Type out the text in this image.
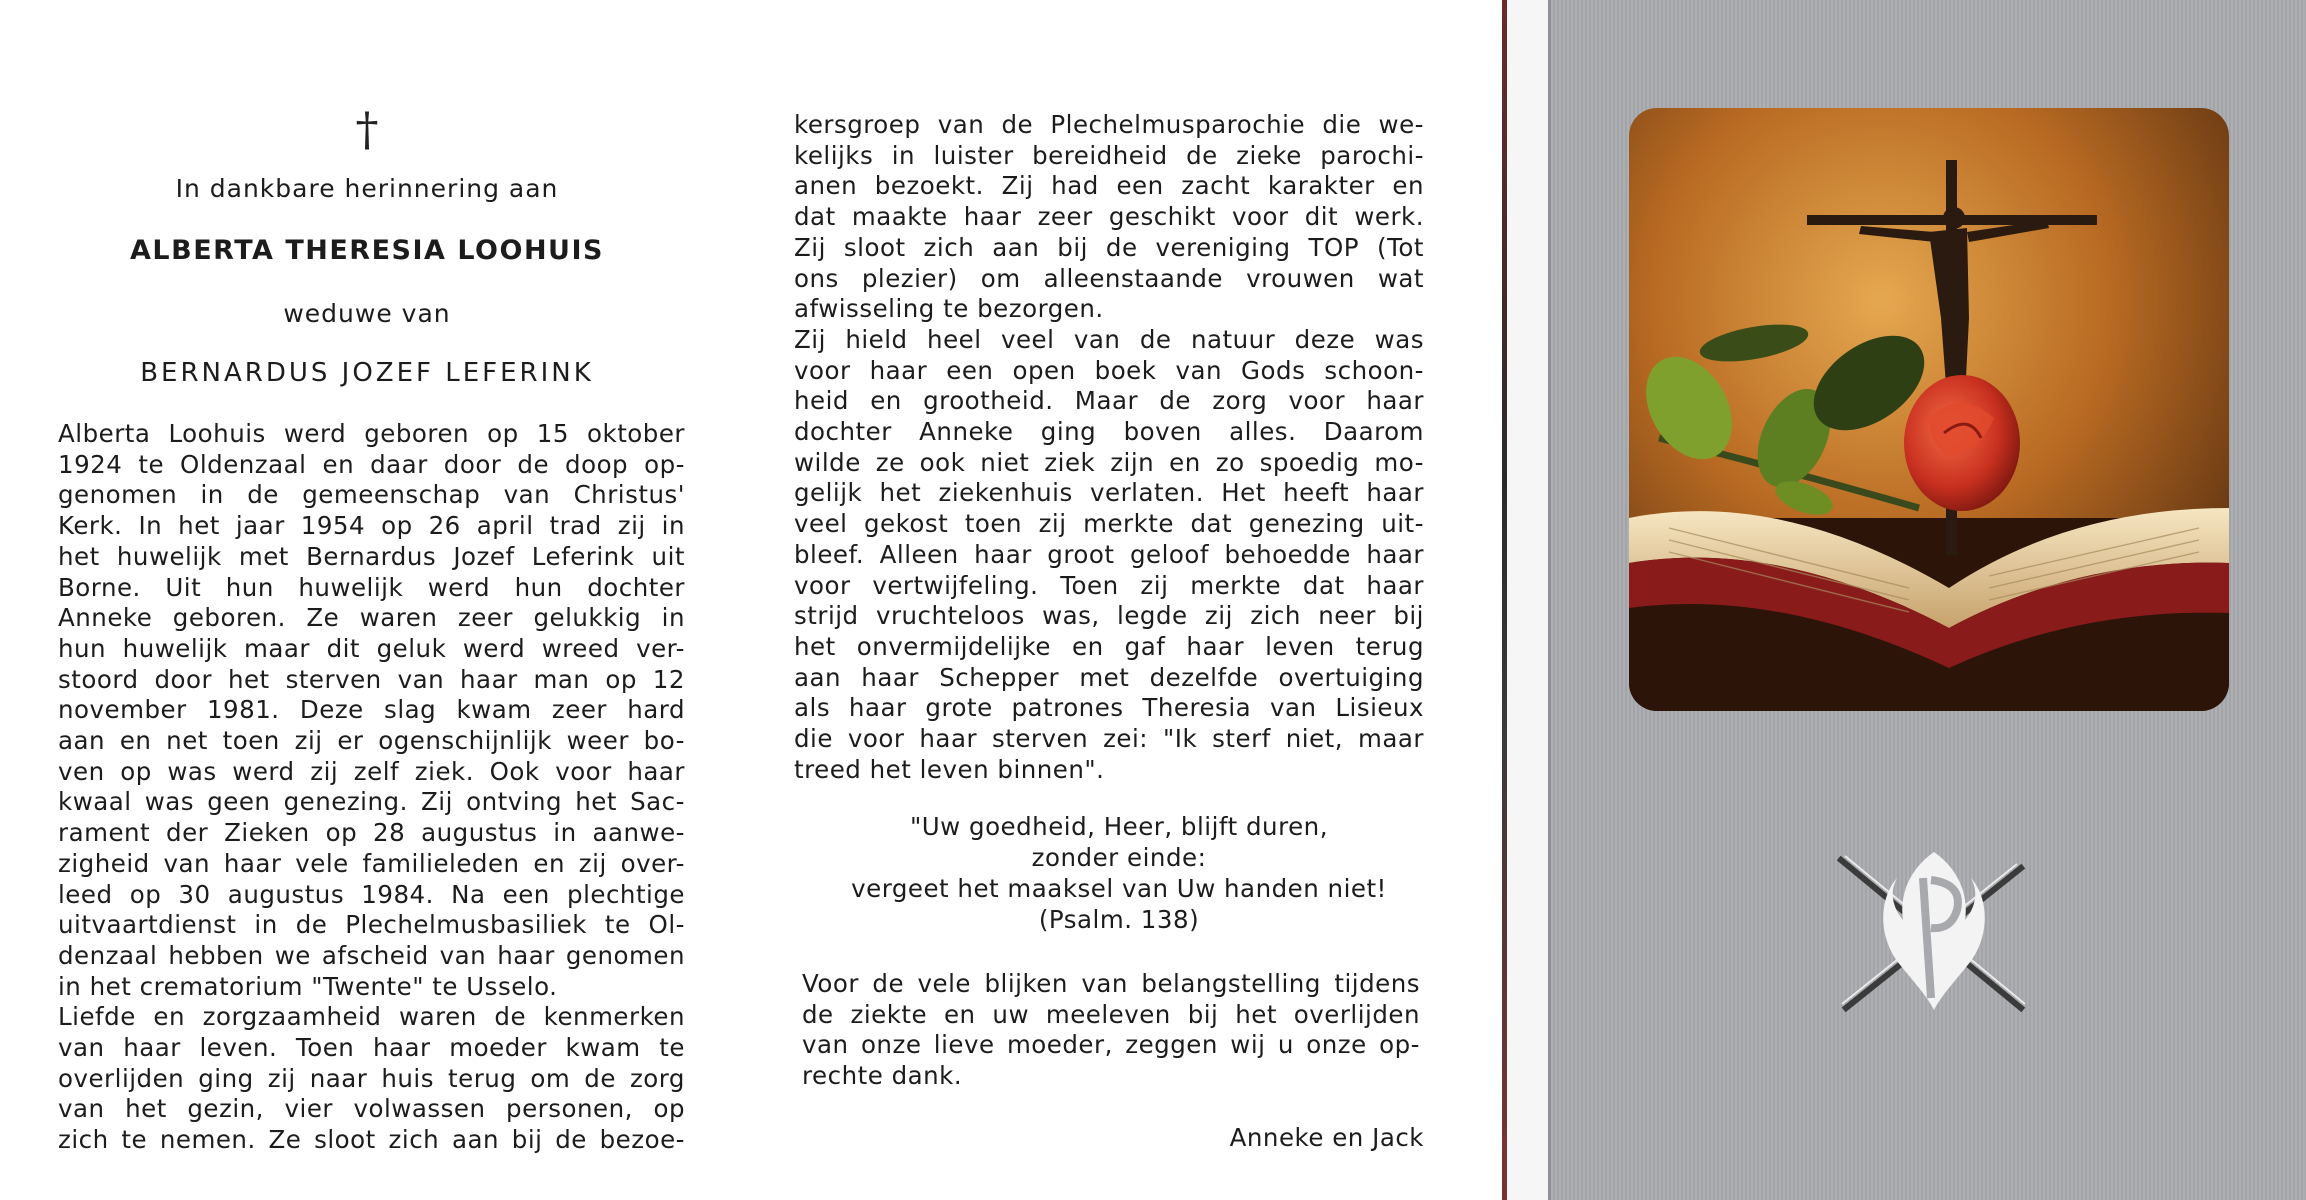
†
In dankbare herinnering aan
ALBERTA THERESIA LOOHUIS
weduwe van
BERNARDUS JOZEF LEFERINK
Alberta Loohuis werd geboren op 15 oktober
1924 te Oldenzaal en daar door de doop op-
genomen in de gemeenschap van Christus'
Kerk. In het jaar 1954 op 26 april trad zij in
het huwelijk met Bernardus Jozef Leferink uit
Borne. Uit hun huwelijk werd hun dochter
Anneke geboren. Ze waren zeer gelukkig in
hun huwelijk maar dit geluk werd wreed ver-
stoord door het sterven van haar man op 12
november 1981. Deze slag kwam zeer hard
aan en net toen zij er ogenschijnlijk weer bo-
ven op was werd zij zelf ziek. Ook voor haar
kwaal was geen genezing. Zij ontving het Sac-
rament der Zieken op 28 augustus in aanwe-
zigheid van haar vele familieleden en zij over-
leed op 30 augustus 1984. Na een plechtige
uitvaartdienst in de Plechelmusbasiliek te Ol-
denzaal hebben we afscheid van haar genomen
in het crematorium "Twente" te Usselo.
Liefde en zorgzaamheid waren de kenmerken
van haar leven. Toen haar moeder kwam te
overlijden ging zij naar huis terug om de zorg
van het gezin, vier volwassen personen, op
zich te nemen. Ze sloot zich aan bij de bezoe-
kersgroep van de Plechelmusparochie die we-
kelijks in luister bereidheid de zieke parochi-
anen bezoekt. Zij had een zacht karakter en
dat maakte haar zeer geschikt voor dit werk.
Zij sloot zich aan bij de vereniging TOP (Tot
ons plezier) om alleenstaande vrouwen wat
afwisseling te bezorgen.
Zij hield heel veel van de natuur deze was
voor haar een open boek van Gods schoon-
heid en grootheid. Maar de zorg voor haar
dochter Anneke ging boven alles. Daarom
wilde ze ook niet ziek zijn en zo spoedig mo-
gelijk het ziekenhuis verlaten. Het heeft haar
veel gekost toen zij merkte dat genezing uit-
bleef. Alleen haar groot geloof behoedde haar
voor vertwijfeling. Toen zij merkte dat haar
strijd vruchteloos was, legde zij zich neer bij
het onvermijdelijke en gaf haar leven terug
aan haar Schepper met dezelfde overtuiging
als haar grote patrones Theresia van Lisieux
die voor haar sterven zei: "Ik sterf niet, maar
treed het leven binnen".
"Uw goedheid, Heer, blijft duren,
zonder einde:
vergeet het maaksel van Uw handen niet!
(Psalm. 138)
Voor de vele blijken van belangstelling tijdens
de ziekte en uw meeleven bij het overlijden
van onze lieve moeder, zeggen wij u onze op-
rechte dank.
Anneke en Jack
